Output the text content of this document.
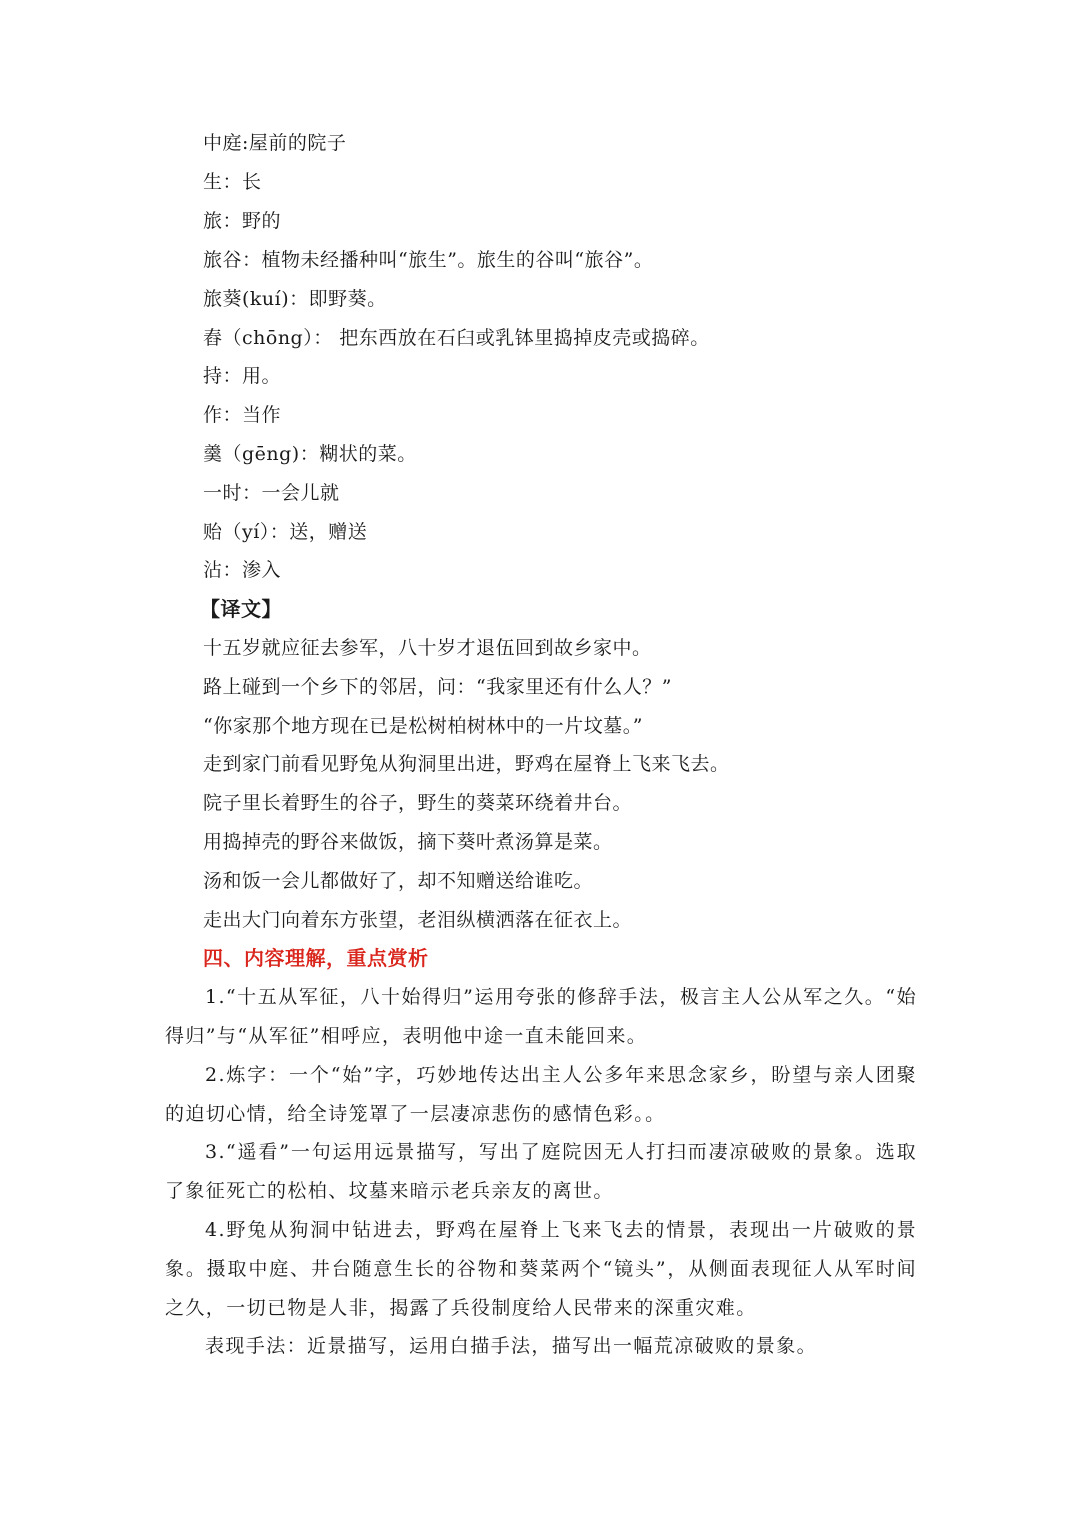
中庭:屋前的院子
生：长
旅：野的
旅谷：植物未经播种叫“旅生”。旅生的谷叫“旅谷”。
旅葵(kuí)：即野葵。
舂（chōng）： 把东西放在石臼或乳钵里捣掉皮壳或捣碎。
持：用。
作：当作
羹（gēng)：糊状的菜。
一时：一会儿就
贻（yí）：送，赠送
沾：渗入
【译文】
十五岁就应征去参军，八十岁才退伍回到故乡家中。
路上碰到一个乡下的邻居，问：“我家里还有什么人？”
“你家那个地方现在已是松树柏树林中的一片坟墓。”
走到家门前看见野兔从狗洞里出进，野鸡在屋脊上飞来飞去。
院子里长着野生的谷子，野生的葵菜环绕着井台。
用捣掉壳的野谷来做饭，摘下葵叶煮汤算是菜。
汤和饭一会儿都做好了，却不知赠送给谁吃。
走出大门向着东方张望，老泪纵横洒落在征衣上。
四、内容理解，重点赏析
1.“十五从军征，八十始得归”运用夸张的修辞手法，极言主人公从军之久。“始得归”与“从军征”相呼应，表明他中途一直未能回来。
2.炼字：一个“始”字，巧妙地传达出主人公多年来思念家乡，盼望与亲人团聚的迫切心情，给全诗笼罩了一层凄凉悲伤的感情色彩。。
3.“遥看”一句运用远景描写，写出了庭院因无人打扫而凄凉破败的景象。选取了象征死亡的松柏、坟墓来暗示老兵亲友的离世。
4.野兔从狗洞中钻进去，野鸡在屋脊上飞来飞去的情景，表现出一片破败的景象。摄取中庭、井台随意生长的谷物和葵菜两个“镜头”，从侧面表现征人从军时间之久，一切已物是人非，揭露了兵役制度给人民带来的深重灾难。
表现手法：近景描写，运用白描手法，描写出一幅荒凉破败的景象。
